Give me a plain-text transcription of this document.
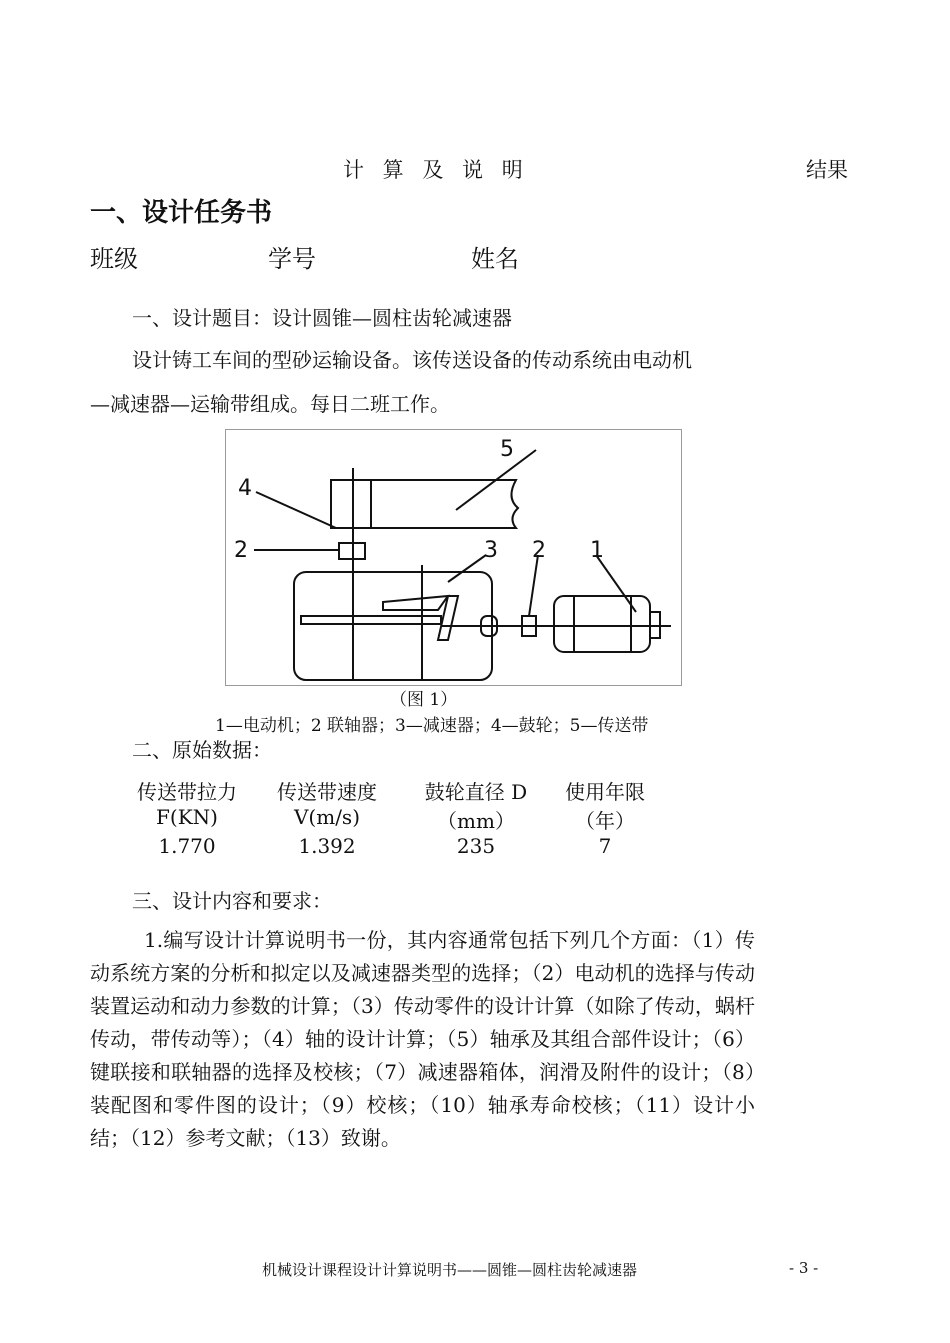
计 算 及 说 明	结果
一、设计任务书
班级	学号	姓名
一、设计题目：设计圆锥—圆柱齿轮减速器
设计铸工车间的型砂运输设备。该传送设备的传动系统由电动机
—减速器—运输带组成。每日二班工作。
1
2
3
4
5
2
（图 1）
1—电动机；2 联轴器；3—减速器；4—鼓轮；5—传送带
二、原始数据：
传送带拉力	传送带速度	鼓轮直径 D	使用年限
F(KN)	V(m/s)	（mm）	（年）
1.770	1.392	235	7
三、设计内容和要求：
1.编写设计计算说明书一份，其内容通常包括下列几个方面：（1）传动系统方案的分析和拟定以及减速器类型的选择；（2）电动机的选择与传动装置运动和动力参数的计算；（3）传动零件的设计计算（如除了传动，蜗杆传动，带传动等）；（4）轴的设计计算；（5）轴承及其组合部件设计；（6）键联接和联轴器的选择及校核；（7）减速器箱体，润滑及附件的设计；（8）装配图和零件图的设计；（9）校核；（10）轴承寿命校核；（11）设计小结；（12）参考文献；（13）致谢。
机械设计课程设计计算说明书——圆锥—圆柱齿轮减速器	- 3 -
